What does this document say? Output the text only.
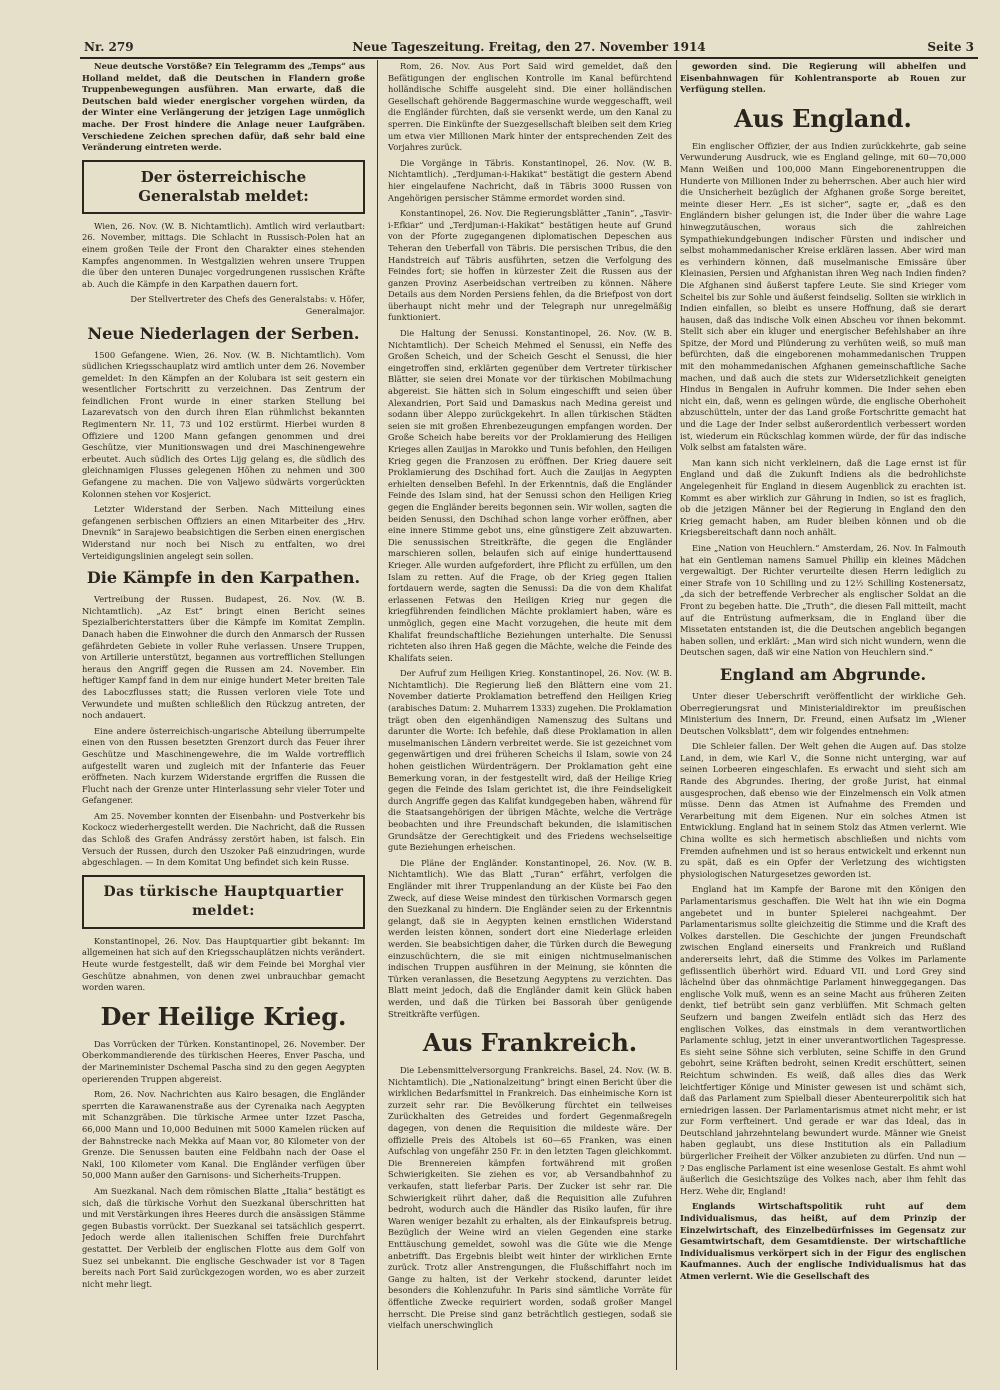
Nr. 279	Neue Tageszeitung. Freitag, den 27. November 1914	Seite 3

Neue deutsche Vorstöße? Ein Telegramm des „Temps“ aus Holland meldet, daß die Deutschen in Flandern große Truppenbewegungen ausführen. Man erwarte, daß die Deutschen bald wieder energischer vorgehen würden, da der Winter eine Verlängerung der jetzigen Lage unmöglich mache. Der Frost hindere die Anlage neuer Laufgräben. Verschiedene Zeichen sprechen dafür, daß sehr bald eine Veränderung eintreten werde.

Der österreichische Generalstab meldet:

Wien, 26. Nov. (W. B. Nichtamtlich). Amtlich wird verlautbart: 26. November, mittags. Die Schlacht in Russisch-Polen hat an einem großen Teile der Front den Charakter eines stehenden Kampfes angenommen. In Westgalizien wehren unsere Truppen die über den unteren Dunajec vorgedrungenen russischen Kräfte ab. Auch die Kämpfe in den Karpathen dauern fort.

Der Stellvertreter des Chefs des Generalstabs: v. Höfer, Generalmajor.

Neue Niederlagen der Serben.

1500 Gefangene. Wien, 26. Nov. (W. B. Nichtamtlich). Vom südlichen Kriegsschauplatz wird amtlich unter dem 26. November gemeldet: In den Kämpfen an der Kolubara ist seit gestern ein wesentlicher Fortschritt zu verzeichnen. Das Zentrum der feindlichen Front wurde in einer starken Stellung bei Lazarevatsch von den durch ihren Elan rühmlichst bekannten Regimentern Nr. 11, 73 und 102 erstürmt. Hierbei wurden 8 Offiziere und 1200 Mann gefangen genommen und drei Geschütze, vier Munitionswagen und drei Maschinengewehre erbeutet. Auch südlich des Ortes Lijg gelang es, die südlich des gleichnamigen Flusses gelegenen Höhen zu nehmen und 300 Gefangene zu machen. Die von Valjewo südwärts vorgerückten Kolonnen stehen vor Kosjerict.

Letzter Widerstand der Serben. Nach Mitteilung eines gefangenen serbischen Offiziers an einen Mitarbeiter des „Hrv. Dnevnik“ in Sarajewo beabsichtigen die Serben einen energischen Widerstand nur noch bei Nisch zu entfalten, wo drei Verteidigungslinien angelegt sein sollen.

Die Kämpfe in den Karpathen.

Vertreibung der Russen. Budapest, 26. Nov. (W. B. Nichtamtlich). „Az Est“ bringt einen Bericht seines Spezialberichterstatters über die Kämpfe im Komitat Zemplin. Danach haben die Einwohner die durch den Anmarsch der Russen gefährdeten Gebiete in voller Ruhe verlassen. Unsere Truppen, von Artillerie unterstützt, begannen aus vortrefflichen Stellungen heraus den Angriff gegen die Russen am 24. November. Ein heftiger Kampf fand in dem nur einige hundert Meter breiten Tale des Laboczflusses statt; die Russen verloren viele Tote und Verwundete und mußten schließlich den Rückzug antreten, der noch andauert.

Eine andere österreichisch-ungarische Abteilung überrumpelte einen von den Russen besetzten Grenzort durch das Feuer ihrer Geschütze und Maschinengewehre, die im Walde vortrefflich aufgestellt waren und zugleich mit der Infanterie das Feuer eröffneten. Nach kurzem Widerstande ergriffen die Russen die Flucht nach der Grenze unter Hinterlassung sehr vieler Toter und Gefangener.

Am 25. November konnten der Eisenbahn- und Postverkehr bis Kockocz wiederhergestellt werden. Die Nachricht, daß die Russen das Schloß des Grafen Andrássy zerstört haben, ist falsch. Ein Versuch der Russen, durch den Uszoker Paß einzudringen, wurde abgeschlagen. — In dem Komitat Ung befindet sich kein Russe.

Das türkische Hauptquartier meldet:

Konstantinopel, 26. Nov. Das Hauptquartier gibt bekannt: Im allgemeinen hat sich auf den Kriegsschauplätzen nichts verändert. Heute wurde festgestellt, daß wir dem Feinde bei Morghal vier Geschütze abnahmen, von denen zwei unbrauchbar gemacht worden waren.

Der Heilige Krieg.

Das Vorrücken der Türken. Konstantinopel, 26. November. Der Oberkommandierende des türkischen Heeres, Enver Pascha, und der Marineminister Dschemal Pascha sind zu den gegen Aegypten operierenden Truppen abgereist.

Rom, 26. Nov. Nachrichten aus Kairo besagen, die Engländer sperrten die Karawanenstraße aus der Cyrenaika nach Aegypten mit Schanzgräben. Die türkische Armee unter Izzet Pascha, 66,000 Mann und 10,000 Beduinen mit 5000 Kamelen rücken auf der Bahnstrecke nach Mekka auf Maan vor, 80 Kilometer von der Grenze. Die Senussen bauten eine Feldbahn nach der Oase el Nakl, 100 Kilometer vom Kanal. Die Engländer verfügen über 50,000 Mann außer den Garnisons- und Sicherheits-Truppen.

Am Suezkanal. Nach dem römischen Blatte „Italia“ bestätigt es sich, daß die türkische Vorhut den Suezkanal überschritten hat und mit Verstärkungen ihres Heeres durch die ansässigen Stämme gegen Bubastis vorrückt. Der Suezkanal sei tatsächlich gesperrt. Jedoch werde allen italienischen Schiffen freie Durchfahrt gestattet. Der Verbleib der englischen Flotte aus dem Golf von Suez sei unbekannt. Die englische Geschwader ist vor 8 Tagen bereits nach Port Said zurückgezogen worden, wo es aber zurzeit nicht mehr liegt.

Rom, 26. Nov. Aus Port Said wird gemeldet, daß den Befätigungen der englischen Kontrolle im Kanal befürchtend holländische Schiffe ausgeleht sind. Die einer holländischen Gesellschaft gehörende Baggermaschine wurde weggeschafft, weil die Engländer fürchten, daß sie versenkt werde, um den Kanal zu sperren. Die Einkünfte der Suezgesellschaft bleiben seit dem Krieg um etwa vier Millionen Mark hinter der entsprechenden Zeit des Vorjahres zurück.

Die Vorgänge in Täbris. Konstantinopel, 26. Nov. (W. B. Nichtamtlich). „Terdjuman-i-Hakikat“ bestätigt die gestern Abend hier eingelaufene Nachricht, daß in Täbris 3000 Russen von Angehörigen persischer Stämme ermordet worden sind.

Konstantinopel, 26. Nov. Die Regierungsblätter „Tanin“, „Tasvir-i-Efkiar“ und „Terdjuman-i-Hakikat“ bestätigen heute auf Grund von der Pforte zugegangenen diplomatischen Depeschen aus Teheran den Ueberfall von Täbris. Die persischen Tribus, die den Handstreich auf Täbris ausführten, setzen die Verfolgung des Feindes fort; sie hoffen in kürzester Zeit die Russen aus der ganzen Provinz Aserbeidschan vertreiben zu können. Nähere Details aus dem Norden Persiens fehlen, da die Briefpost von dort überhaupt nicht mehr und der Telegraph nur unregelmäßig funktioniert.

Die Haltung der Senussi. Konstantinopel, 26. Nov. (W. B. Nichtamtlich). Der Scheich Mehmed el Senussi, ein Neffe des Großen Scheich, und der Scheich Gescht el Senussi, die hier eingetroffen sind, erklärten gegenüber dem Vertreter türkischer Blätter, sie seien drei Monate vor der türkischen Mobilmachung abgereist. Sie hätten sich in Solum eingeschifft und seien über Alexandrien, Port Said und Damaskus nach Medina gereist und sodann über Aleppo zurückgekehrt. In allen türkischen Städten seien sie mit großen Ehrenbezeugungen empfangen worden. Der Große Scheich habe bereits vor der Proklamierung des Heiligen Krieges allen Zauijas in Marokko und Tunis befohlen, den Heiligen Krieg gegen die Franzosen zu eröffnen. Der Krieg dauere seit Proklamierung des Dschihad fort. Auch die Zauijas in Aegypten erhielten denselben Befehl. In der Erkenntnis, daß die Engländer Feinde des Islam sind, hat der Senussi schon den Heiligen Krieg gegen die Engländer bereits begonnen sein. Wir wollen, sagten die beiden Senussi, den Dschihad schon lange vorher eröffnen, aber eine innere Stimme gebot uns, eine günstigere Zeit abzuwarten. Die senussischen Streitkräfte, die gegen die Engländer marschieren sollen, belaufen sich auf einige hunderttausend Krieger. Alle wurden aufgefordert, ihre Pflicht zu erfüllen, um den Islam zu retten. Auf die Frage, ob der Krieg gegen Italien fortdauern werde, sagten die Senussi: Da die von dem Khalifat erlassenen Fetwas den Heiligen Krieg nur gegen die kriegführenden feindlichen Mächte proklamiert haben, wäre es unmöglich, gegen eine Macht vorzugehen, die heute mit dem Khalifat freundschaftliche Beziehungen unterhalte. Die Senussi richteten also ihren Haß gegen die Mächte, welche die Feinde des Khalifats seien.

Der Aufruf zum Heiligen Krieg. Konstantinopel, 26. Nov. (W. B. Nichtamtlich). Die Regierung ließ den Blättern eine vom 21. November datierte Proklamation betreffend den Heiligen Krieg (arabisches Datum: 2. Muharrem 1333) zugehen. Die Proklamation trägt oben den eigenhändigen Namenszug des Sultans und darunter die Worte: Ich befehle, daß diese Proklamation in allen muselmanischen Ländern verbreitet werde. Sie ist gezeichnet vom gegenwärtigen und drei früheren Scheichs il Islam, sowie von 24 hohen geistlichen Würdenträgern. Der Proklamation geht eine Bemerkung voran, in der festgestellt wird, daß der Heilige Krieg gegen die Feinde des Islam gerichtet ist, die ihre Feindseligkeit durch Angriffe gegen das Kalifat kundgegeben haben, während für die Staatsangehörigen der übrigen Mächte, welche die Verträge beobachten und ihre Freundschaft bekunden, die islamitischen Grundsätze der Gerechtigkeit und des Friedens wechselseitige gute Beziehungen erheischen.

Die Pläne der Engländer. Konstantinopel, 26. Nov. (W. B. Nichtamtlich). Wie das Blatt „Turan“ erfährt, verfolgen die Engländer mit ihrer Truppenlandung an der Küste bei Fao den Zweck, auf diese Weise mindest den türkischen Vormarsch gegen den Suezkanal zu hindern. Die Engländer seien zu der Erkenntnis gelangt, daß sie in Aegypten keinen ernstlichen Widerstand werden leisten können, sondert dort eine Niederlage erleiden werden. Sie beabsichtigen daher, die Türken durch die Bewegung einzuschüchtern, die sie mit einigen nichtmuselmanischen indischen Truppen ausführen in der Meinung, sie könnten die Türken veranlassen, die Besetzung Aegyptens zu verzichten. Das Blatt meint jedoch, daß die Engländer damit kein Glück haben werden, und daß die Türken bei Bassorah über genügende Streitkräfte verfügen.

Aus Frankreich.

Die Lebensmittelversorgung Frankreichs. Basel, 24. Nov. (W. B. Nichtamtlich). Die „Nationalzeitung“ bringt einen Bericht über die wirklichen Bedarfsmittel in Frankreich. Das einheimische Korn ist zurzeit sehr rar. Die Bevölkerung fürchtet ein teilweises Zurückhalten des Getreides und fordert Gegenmaßregeln dagegen, von denen die Requisition die mildeste wäre. Der offizielle Preis des Altobels ist 60—65 Franken, was einen Aufschlag von ungefähr 250 Fr. in den letzten Tagen gleichkommt. Die Brennereien kämpfen fortwährend mit großen Schwierigkeiten. Sie ziehen es vor, ab Versandbahnhof zu verkaufen, statt lieferbar Paris. Der Zucker ist sehr rar. Die Schwierigkeit rührt daher, daß die Requisition alle Zufuhren bedroht, wodurch auch die Händler das Risiko laufen, für ihre Waren weniger bezahlt zu erhalten, als der Einkaufspreis betrug. Bezüglich der Weine wird an vielen Gegenden eine starke Enttäuschung gemeldet, sowohl was die Güte wie die Menge anbetrifft. Das Ergebnis bleibt weit hinter der wirklichen Ernte zurück. Trotz aller Anstrengungen, die Flußschiffahrt noch im Gange zu halten, ist der Verkehr stockend, darunter leidet besonders die Kohlenzufuhr. In Paris sind sämtliche Vorräte für öffentliche Zwecke requiriert worden, sodaß großer Mangel herrscht. Die Preise sind ganz beträchtlich gestiegen, sodaß sie vielfach unerschwinglich

geworden sind. Die Regierung will abhelfen und Eisenbahnwagen für Kohlentransporte ab Rouen zur Verfügung stellen.

Aus England.

Ein englischer Offizier, der aus Indien zurückkehrte, gab seine Verwunderung Ausdruck, wie es England gelinge, mit 60—70,000 Mann Weißen und 100,000 Mann Eingeborenentruppen die Hunderte von Millionen Inder zu beherrschen. Aber auch hier wird die Unsicherheit bezüglich der Afghanen große Sorge bereitet, meinte dieser Herr. „Es ist sicher“, sagte er, „daß es den Engländern bisher gelungen ist, die Inder über die wahre Lage hinwegzutäuschen, woraus sich die zahlreichen Sympathiekundgebungen indischer Fürsten und indischer und selbst mohammedanischer Kreise erklären lassen. Aber wird man es verhindern können, daß muselmanische Emissäre über Kleinasien, Persien und Afghanistan ihren Weg nach Indien finden? Die Afghanen sind äußerst tapfere Leute. Sie sind Krieger vom Scheitel bis zur Sohle und äußerst feindselig. Sollten sie wirklich in Indien einfallen, so bleibt es unsere Hoffnung, daß sie derart hausen, daß das indische Volk einen Abscheu vor ihnen bekommt. Stellt sich aber ein kluger und energischer Befehlshaber an ihre Spitze, der Mord und Plünderung zu verhüten weiß, so muß man befürchten, daß die eingeborenen mohammedanischen Truppen mit den mohammedanischen Afghanen gemeinschaftliche Sache machen, und daß auch die stets zur Widersetzlichkeit geneigten Hindus in Bengalen in Aufruhr kommen. Die Inder sehen eben nicht ein, daß, wenn es gelingen würde, die englische Oberhoheit abzuschütteln, unter der das Land große Fortschritte gemacht hat und die Lage der Inder selbst außerordentlich verbessert worden ist, wiederum ein Rückschlag kommen würde, der für das indische Volk selbst am fatalsten wäre.

Man kann sich nicht verkleinern, daß die Lage ernst ist für England und daß die Zukunft Indiens als die bedrohlichste Angelegenheit für England in diesem Augenblick zu erachten ist. Kommt es aber wirklich zur Gährung in Indien, so ist es fraglich, ob die jetzigen Männer bei der Regierung in England den den Krieg gemacht haben, am Ruder bleiben können und ob die Kriegsbereitschaft dann noch anhält.

Eine „Nation von Heuchlern.“ Amsterdam, 26. Nov. In Falmouth hat ein Gentleman namens Samuel Phillip ein kleines Mädchen vergewaltigt. Der Richter verurteilte diesen Herrn lediglich zu einer Strafe von 10 Schilling und zu 12½ Schilling Kostenersatz, „da sich der betreffende Verbrecher als englischer Soldat an die Front zu begeben hatte. Die „Truth“, die diesen Fall mitteilt, macht auf die Entrüstung aufmerksam, die in England über die Missetaten entstanden ist, die die Deutschen angeblich begangen haben sollen, und erklärt: „Man wird sich nicht wundern, wenn die Deutschen sagen, daß wir eine Nation von Heuchlern sind.“

England am Abgrunde.

Unter dieser Ueberschrift veröffentlicht der wirkliche Geh. Oberregierungsrat und Ministerialdirektor im preußischen Ministerium des Innern, Dr. Freund, einen Aufsatz im „Wiener Deutschen Volksblatt“, dem wir folgendes entnehmen:

Die Schleier fallen. Der Welt gehen die Augen auf. Das stolze Land, in dem, wie Karl V., die Sonne nicht unterging, war auf seinen Lorbeeren eingeschlafen. Es erwacht und sieht sich am Rande des Abgrundes. Ihering, der große Jurist, hat einmal ausgesprochen, daß ebenso wie der Einzelmensch ein Volk atmen müsse. Denn das Atmen ist Aufnahme des Fremden und Verarbeitung mit dem Eigenen. Nur ein solches Atmen ist Entwicklung. England hat in seinem Stolz das Atmen verlernt. Wie China wollte es sich hermetisch abschließen und nichts vom Fremden aufnehmen und ist so heraus entwickelt und erkennt nun zu spät, daß es ein Opfer der Verletzung des wichtigsten physiologischen Naturgesetzes geworden ist.

England hat im Kampfe der Barone mit den Königen den Parlamentarismus geschaffen. Die Welt hat ihn wie ein Dogma angebetet und in bunter Spielerei nachgeahmt. Der Parlamentarismus sollte gleichzeitig die Stimme und die Kraft des Volkes darstellen. Die Geschichte der jungen Freundschaft zwischen England einerseits und Frankreich und Rußland andererseits lehrt, daß die Stimme des Volkes im Parlamente geflissentlich überhört wird. Eduard VII. und Lord Grey sind lächelnd über das ohnmächtige Parlament hinweggegangen. Das englische Volk muß, wenn es an seine Macht aus früheren Zeiten denkt, tief betrübt sein ganz verblüffen. Mit Schmach gelten Seufzern und bangen Zweifeln entlädt sich das Herz des englischen Volkes, das einstmals in dem verantwortlichen Parlamente schlug, jetzt in einer unverantwortlichen Tagespresse. Es sieht seine Söhne sich verbluten, seine Schiffe in den Grund gebohrt, seine Kräften bedroht, seinen Kredit erschüttert, seinen Reichtum schwinden. Es weiß, daß alles dies das Werk leichtfertiger Könige und Minister gewesen ist und schämt sich, daß das Parlament zum Spielball dieser Abenteurerpolitik sich hat erniedrigen lassen. Der Parlamentarismus atmet nicht mehr, er ist zur Form verfteinert. Und gerade er war das Ideal, das in Deutschland jahrzehntelang bewundert wurde. Männer wie Gneist haben geglaubt, uns diese Institution als ein Palladium bürgerlicher Freiheit der Völker anzubieten zu dürfen. Und nun — ? Das englische Parlament ist eine wesenlose Gestalt. Es ahmt wohl äußerlich die Gesichtszüge des Volkes nach, aber ihm fehlt das Herz. Wehe dir, England!

Englands Wirtschaftspolitik ruht auf dem Individualismus, das heißt, auf dem Prinzip der Einzelwirtschaft, des Einzelbedürfnisses im Gegensatz zur Gesamtwirtschaft, dem Gesamtdienste. Der wirtschaftliche Individualismus verkörpert sich in der Figur des englischen Kaufmannes. Auch der englische Individualismus hat das Atmen verlernt. Wie die Gesellschaft des
